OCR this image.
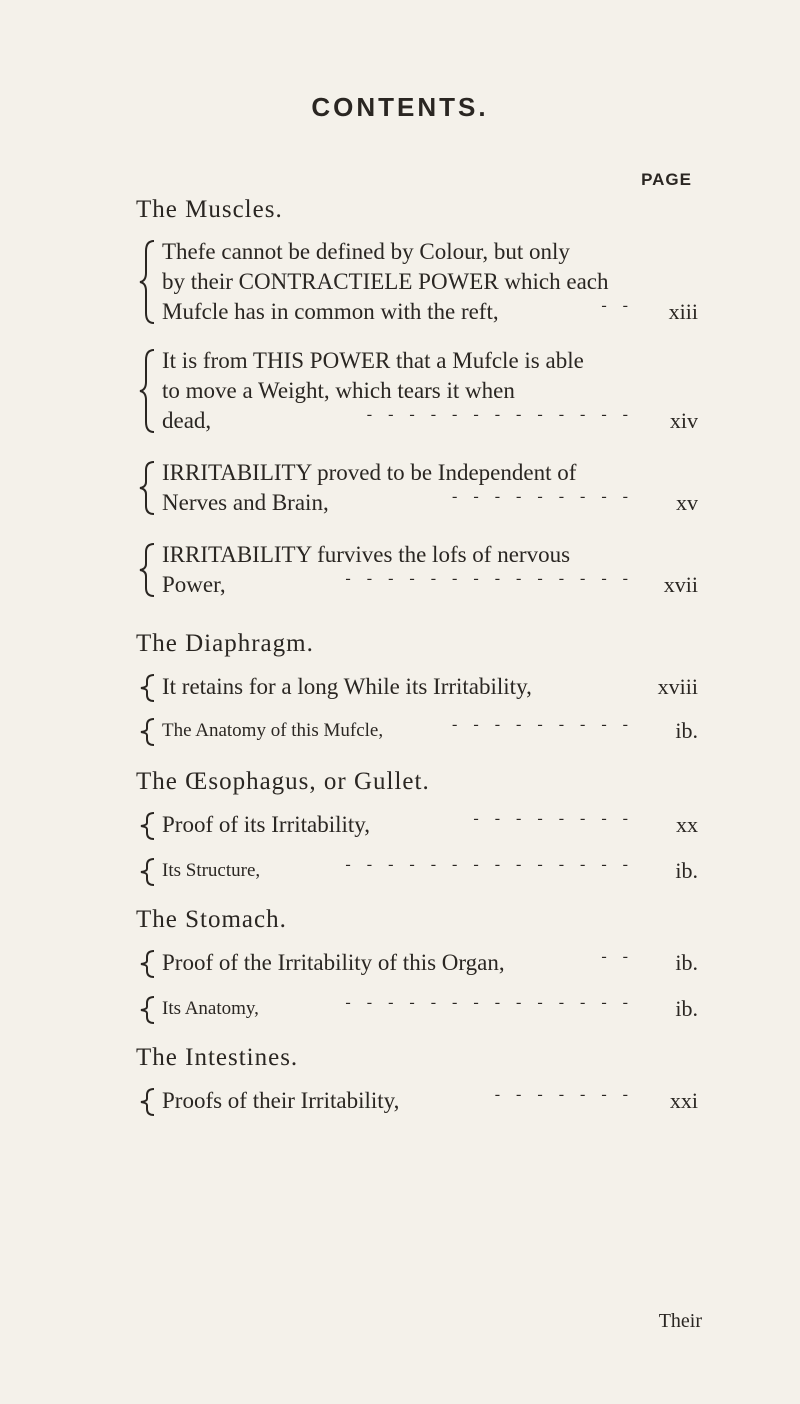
CONTENTS.
PAGE
The Muscles.
Thefe cannot be defined by Colour, but only
by their CONTRACTIELE POWER which each
Mufcle has in common with the reft,	- -	xiii
It is from THIS POWER that a Mufcle is able
to move a Weight, which tears it when
dead,	- - - - - - - - - - - - -	xiv
IRRITABILITY proved to be Independent of
Nerves and Brain,	- - - - - - - - -	xv
IRRITABILITY furvives the lofs of nervous
Power,	- - - - - - - - - - - - - -	xvii
The Diaphragm.
It retains for a long While its Irritability,	xviii
The Anatomy of this Mufcle,	- - - - - - - - -	ib.
The Œsophagus, or Gullet.
Proof of its Irritability,	- - - - - - - -	xx
Its Structure,	- - - - - - - - - - - - - -	ib.
The Stomach.
Proof of the Irritability of this Organ,	- -	ib.
Its Anatomy,	- - - - - - - - - - - - - -	ib.
The Intestines.
Proofs of their Irritability,	- - - - - - -	xxi
Their
